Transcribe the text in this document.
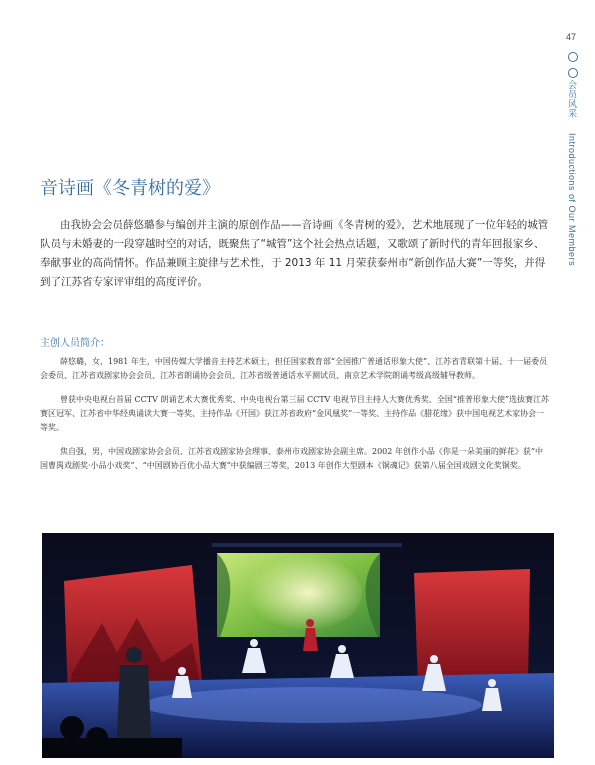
47
会员风采 Introductions of Our Members
音诗画《冬青树的爱》

由我协会会员薛悠璐参与编创并主演的原创作品——音诗画《冬青树的爱》，艺术地展现了一位年轻的城管队员与未婚妻的一段穿越时空的对话，既聚焦了“城管”这个社会热点话题，又歌颂了新时代的青年回报家乡、奉献事业的高尚情怀。作品兼顾主旋律与艺术性，于 2013 年 11 月荣获泰州市“新创作品大赛”一等奖，并得到了江苏省专家评审组的高度评价。

主创人员简介：

薛悠璐，女，1981 年生，中国传媒大学播音主持艺术硕士，担任国家教育部“全国推广普通话形象大使”、江苏省青联第十届、十一届委员会委员、江苏省戏剧家协会会员、江苏省朗诵协会会员、江苏省级普通话水平测试员、南京艺术学院朗诵考级高级辅导教师。

曾获中央电视台首届 CCTV 朗诵艺术大赛优秀奖、中央电视台第三届 CCTV 电视节目主持人大赛优秀奖、全国“推普形象大使”选拔赛江苏赛区冠军、江苏省中华经典诵读大赛一等奖、主持作品《开国》获江苏省政府“金风凰奖”一等奖、主持作品《腊花缘》获中国电视艺术家协会一等奖。

焦自强，男，中国戏剧家协会会员、江苏省戏剧家协会理事、泰州市戏剧家协会副主席。2002 年创作小品《你是一朵美丽的鲜花》获“中国曹禺戏剧奖·小品小戏奖”、“中国剧协百优小品大赛”中获编剧三等奖，2013 年创作大型剧本《铜魂记》获第八届全国戏剧文化奖铜奖。
